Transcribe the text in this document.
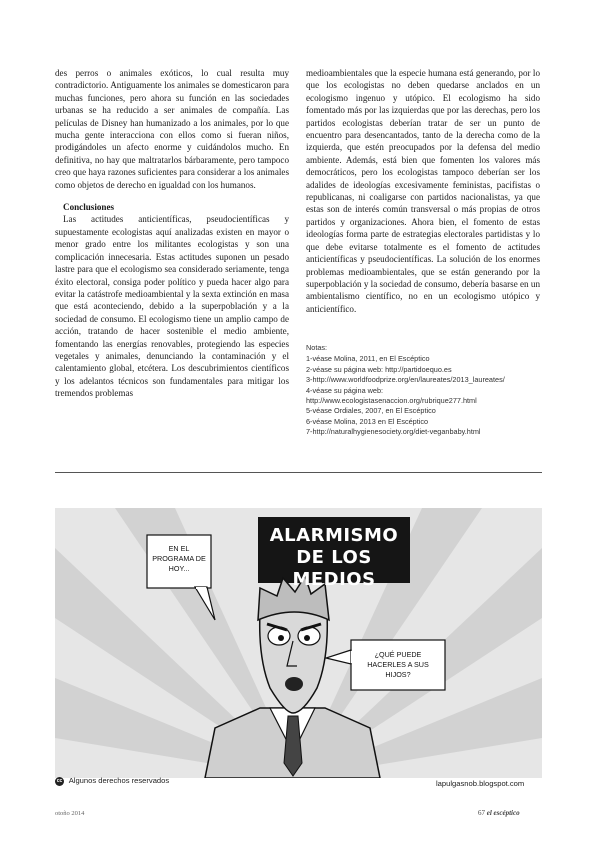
des perros o animales exóticos, lo cual resulta muy contradictorio. Antiguamente los animales se domesticaron para muchas funciones, pero ahora su función en las sociedades urbanas se ha reducido a ser animales de compañía. Las películas de Disney han humanizado a los animales, por lo que mucha gente interacciona con ellos como si fueran niños, prodigándoles un afecto enorme y cuidándolos mucho. En definitiva, no hay que maltratarlos bárbaramente, pero tampoco creo que haya razones suficientes para considerar a los animales como objetos de derecho en igualdad con los humanos.

Conclusiones

Las actitudes anticientíficas, pseudocientíficas y supuestamente ecologistas aquí analizadas existen en mayor o menor grado entre los militantes ecologistas y son una complicación innecesaria. Estas actitudes suponen un pesado lastre para que el ecologismo sea considerado seriamente, tenga éxito electoral, consiga poder político y pueda hacer algo para evitar la catástrofe medioambiental y la sexta extinción en masa que está aconteciendo, debido a la superpoblación y a la sociedad de consumo. El ecologismo tiene un amplio campo de acción, tratando de hacer sostenible el medio ambiente, fomentando las energías renovables, protegiendo las especies vegetales y animales, denunciando la contaminación y el calentamiento global, etcétera. Los descubrimientos científicos y los adelantos técnicos son fundamentales para mitigar los tremendos problemas

medioambientales que la especie humana está generando, por lo que los ecologistas no deben quedarse anclados en un ecologismo ingenuo y utópico. El ecologismo ha sido fomentado más por las izquierdas que por las derechas, pero los partidos ecologistas deberían tratar de ser un punto de encuentro para desencantados, tanto de la derecha como de la izquierda, que estén preocupados por la defensa del medio ambiente. Además, está bien que fomenten los valores más democráticos, pero los ecologistas tampoco deberían ser los adalides de ideologías excesivamente feministas, pacifistas o republicanas, ni coaligarse con partidos nacionalistas, ya que estas son de interés común transversal o más propias de otros partidos y organizaciones. Ahora bien, el fomento de estas ideologías forma parte de estrategias electorales partidistas y lo que debe evitarse totalmente es el fomento de actitudes anticientíficas y pseudocientíficas. La solución de los enormes problemas medioambientales, que se están generando por la superpoblación y la sociedad de consumo, debería basarse en un ambientalismo científico, no en un ecologismo utópico y anticientífico.

Notas:
1-véase Molina, 2011, en El Escéptico
2-véase su página web: http://partidoequo.es
3-http://www.worldfoodprize.org/en/laureates/2013_laureates/
4-véase su página web: http://www.ecologistasenaccion.org/rubrique277.html
5-véase Ordiales, 2007, en El Escéptico
6-véase Molina, 2013 en El Escéptico
7-http://naturalhygienesociety.org/diet-veganbaby.html
ALARMISMO
DE LOS MEDIOS
EN EL
PROGRAMA DE
HOY...
¿QUÉ PUEDE
HACERLES A SUS
HIJOS?
cc Algunos derechos reservados	lapulgasnob.blogspot.com
otoño 2014	67 el escéptico
